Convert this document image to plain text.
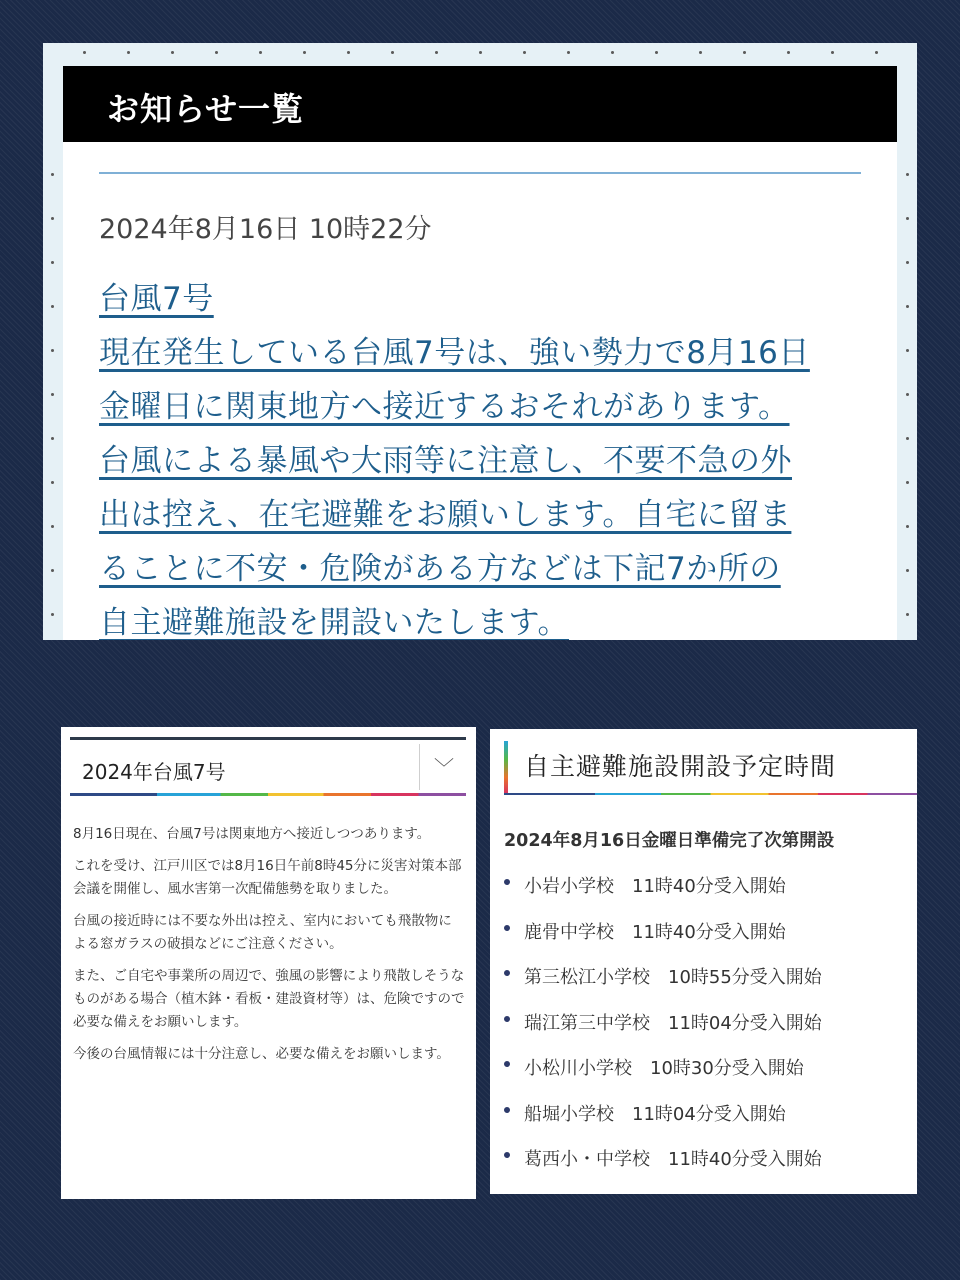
お知らせ一覧
2024年8月16日 10時22分
台風7号
現在発生している台風7号は、強い勢力で8月16日
金曜日に関東地方へ接近するおそれがあります。
台風による暴風や大雨等に注意し、不要不急の外
出は控え、在宅避難をお願いします。自宅に留ま
ることに不安・危険がある方などは下記7か所の
自主避難施設を開設いたします。
2024年台風7号	﹀

8月16日現在、台風7号は関東地方へ接近しつつあります。

これを受け、江戸川区では8月16日午前8時45分に災害対策本部会議を開催し、風水害第一次配備態勢を取りました。

台風の接近時には不要な外出は控え、室内においても飛散物による窓ガラスの破損などにご注意ください。

また、ご自宅や事業所の周辺で、強風の影響により飛散しそうなものがある場合（植木鉢・看板・建設資材等）は、危険ですので必要な備えをお願いします。

今後の台風情報には十分注意し、必要な備えをお願いします。

自主避難施設開設予定時間
2024年8月16日金曜日準備完了次第開設
小岩小学校　11時40分受入開始
鹿骨中学校　11時40分受入開始
第三松江小学校　10時55分受入開始
瑞江第三中学校　11時04分受入開始
小松川小学校　10時30分受入開始
船堀小学校　11時04分受入開始
葛西小・中学校　11時40分受入開始
